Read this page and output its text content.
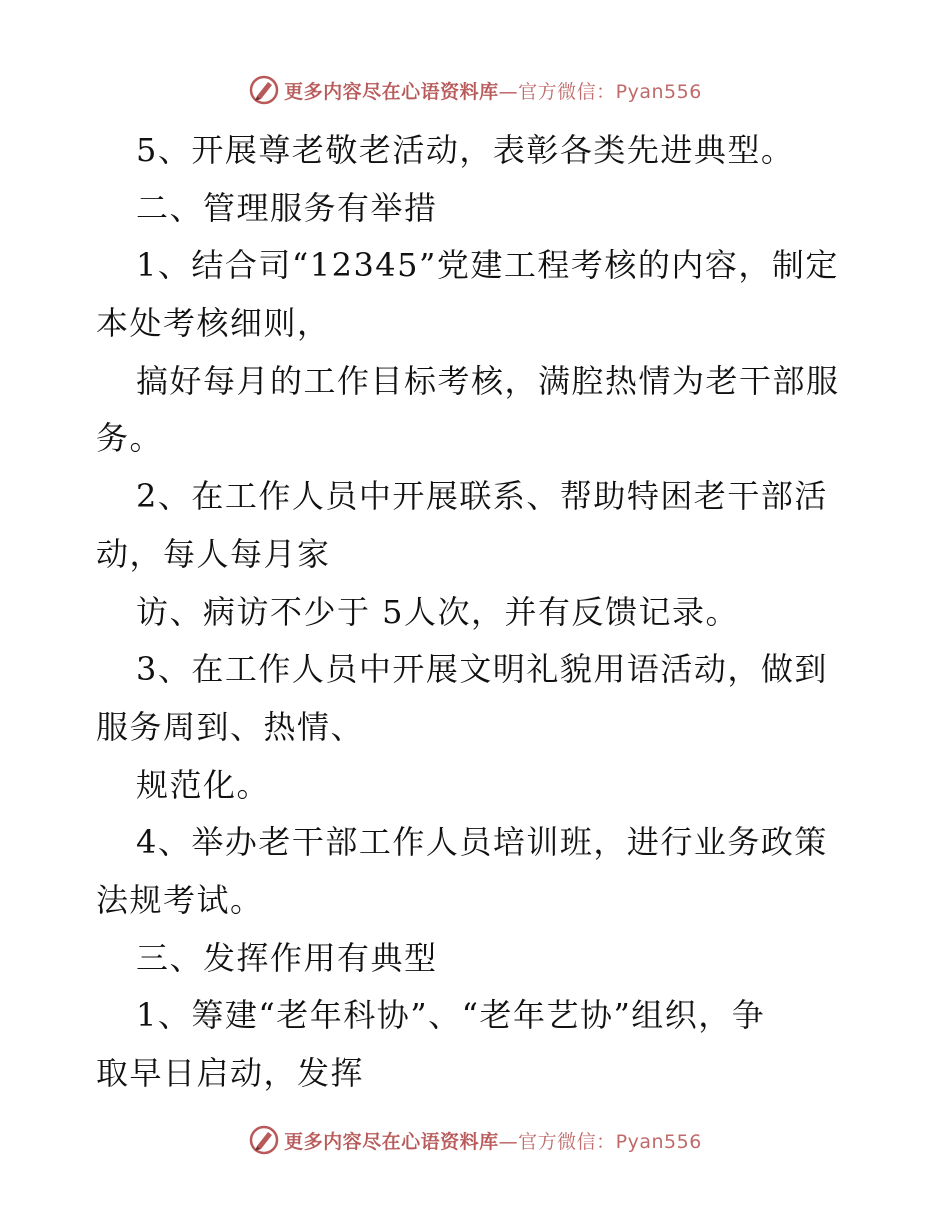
更多内容尽在心语资料库—官方微信：Pyan556
5、开展尊老敬老活动，表彰各类先进典型。
二、管理服务有举措
1、结合司“12345”党建工程考核的内容，制定
本处考核细则，
搞好每月的工作目标考核，满腔热情为老干部服
务。
2、在工作人员中开展联系、帮助特困老干部活
动，每人每月家
访、病访不少于 5人次，并有反馈记录。
3、在工作人员中开展文明礼貌用语活动，做到
服务周到、热情、
规范化。
4、举办老干部工作人员培训班，进行业务政策
法规考试。
三、发挥作用有典型
1、筹建“老年科协”、“老年艺协”组织，争
取早日启动，发挥
更多内容尽在心语资料库—官方微信：Pyan556
